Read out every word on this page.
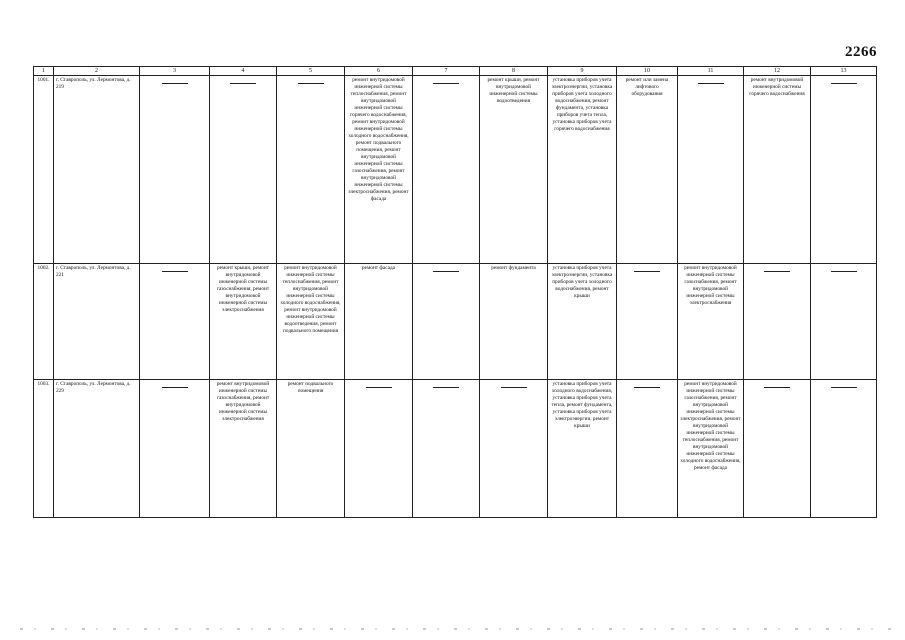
2266
1	2	3	4	5	6	7	8	9	10	11	12	13
1001.	г. Ставрополь, ул. Лермонтова, д. 219				ремонт внутридомовой инженерной системы теплоснабжения, ремонт внутридомовой инженерной системы горячего водоснабжения, ремонт внутридомовой инженерной системы холодного водоснабжения, ремонт подвального помещения, ремонт внутридомовой инженерной системы газоснабжения, ремонт внутридомовой инженерной системы электроснабжения, ремонт фасада		ремонт крыши, ремонт внутридомовой инженерной системы водоотведения	установка приборов учета электроэнергии, установка приборов учета холодного водоснабжения, ремонт фундамента, установка приборов учета тепла, установка приборов учета горячего водоснабжения	ремонт или замена лифтового оборудования		ремонт внутридомовой инженерной системы горячего водоснабжения	

1002.	г. Ставрополь, ул. Лермонтова, д. 221		ремонт крыши, ремонт внутридомовой инженерной системы газоснабжения, ремонт внутридомовой инженерной системы электроснабжения	ремонт внутридомовой инженерной системы теплоснабжения, ремонт внутридомовой инженерной системы холодного водоснабжения, ремонт внутридомовой инженерной системы водоотведения, ремонт подвального помещения	ремонт фасада		ремонт фундамента	установка приборов учета электроэнергии, установка приборов учета холодного водоснабжения, ремонт крыши		ремонт внутридомовой инженерной системы газоснабжения, ремонт внутридомовой инженерной системы электроснабжения	

1003.	г. Ставрополь, ул. Лермонтова, д. 229		ремонт внутридомовой инженерной системы газоснабжения, ремонт внутридомовой инженерной системы электроснабжения	ремонт подвального помещения				установка приборов учета холодного водоснабжения, установка приборов учета тепла, ремонт фундамента, установка приборов учета электроэнергии, ремонт крыши		ремонт внутридомовой инженерной системы газоснабжения, ремонт внутридомовой инженерной системы электроснабжения, ремонт внутридомовой инженерной системы теплоснабжения, ремонт внутридомовой инженерной системы холодного водоснабжения, ремонт фасада	
